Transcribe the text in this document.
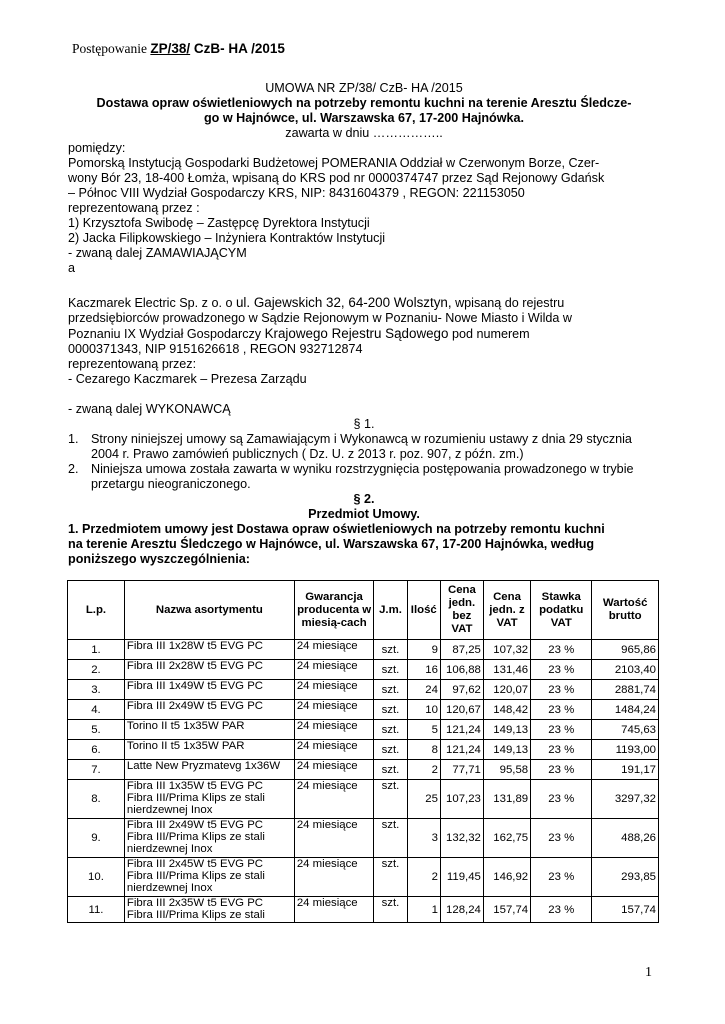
Postępowanie ZP/38/ CzB- HA /2015
UMOWA NR ZP/38/ CzB- HA /2015
Dostawa opraw oświetleniowych na potrzeby remontu kuchni na terenie Aresztu Śledcze-
go w Hajnówce, ul. Warszawska 67, 17-200 Hajnówka.
zawarta w dniu ……………..
pomiędzy:
Pomorską Instytucją Gospodarki Budżetowej POMERANIA Oddział w Czerwonym Borze, Czer-
wony Bór 23, 18-400 Łomża, wpisaną do KRS pod nr 0000374747 przez Sąd Rejonowy Gdańsk
– Północ VIII Wydział Gospodarczy KRS, NIP: 8431604379 , REGON: 221153050
reprezentowaną przez :
1) Krzysztofa Swibodę – Zastępcę Dyrektora Instytucji
2) Jacka Filipkowskiego – Inżyniera Kontraktów Instytucji
- zwaną dalej ZAMAWIAJĄCYM
a
Kaczmarek Electric Sp. z o. o ul. Gajewskich 32, 64-200 Wolsztyn, wpisaną do rejestru
przedsiębiorców prowadzonego w Sądzie Rejonowym w Poznaniu- Nowe Miasto i Wilda w
Poznaniu IX Wydział Gospodarczy Krajowego Rejestru Sądowego pod numerem
0000371343, NIP 9151626618 , REGON 932712874
reprezentowaną przez:
- Cezarego Kaczmarek – Prezesa Zarządu
- zwaną dalej WYKONAWCĄ
§ 1.
1. Strony niniejszej umowy są Zamawiającym i Wykonawcą w rozumieniu ustawy z dnia 29 stycznia
2004 r. Prawo zamówień publicznych ( Dz. U. z 2013 r. poz. 907, z późn. zm.)
2. Niniejsza umowa została zawarta w wyniku rozstrzygnięcia postępowania prowadzonego w trybie
przetargu nieograniczonego.
§ 2.
Przedmiot Umowy.
1. Przedmiotem umowy jest Dostawa opraw oświetleniowych na potrzeby remontu kuchni
na terenie Aresztu Śledczego w Hajnówce, ul. Warszawska 67, 17-200 Hajnówka, według
poniższego wyszczególnienia:
L.p.	Nazwa asortymentu	Gwarancja producenta w miesią-cach	J.m.	Ilość	Cena jedn. bez VAT	Cena jedn. z VAT	Stawka podatku VAT	Wartość brutto
1.	Fibra III 1x28W t5 EVG PC	24 miesiące	szt.	9	87,25	107,32	23 %	965,86
2.	Fibra III 2x28W t5 EVG PC	24 miesiące	szt.	16	106,88	131,46	23 %	2103,40
3.	Fibra III 1x49W t5 EVG PC	24 miesiące	szt.	24	97,62	120,07	23 %	2881,74
4.	Fibra III 2x49W t5 EVG PC	24 miesiące	szt.	10	120,67	148,42	23 %	1484,24
5.	Torino II t5 1x35W PAR	24 miesiące	szt.	5	121,24	149,13	23 %	745,63
6.	Torino II t5 1x35W PAR	24 miesiące	szt.	8	121,24	149,13	23 %	1193,00
7.	Latte New Pryzmatevg 1x36W	24 miesiące	szt.	2	77,71	95,58	23 %	191,17
8.	Fibra III 1x35W t5 EVG PC
Fibra III/Prima Klips ze stali
nierdzewnej Inox	24 miesiące	szt.	25	107,23	131,89	23 %	3297,32
9.	Fibra III 2x49W t5 EVG PC
Fibra III/Prima Klips ze stali
nierdzewnej Inox	24 miesiące	szt.	3	132,32	162,75	23 %	488,26
10.	Fibra III 2x45W t5 EVG PC
Fibra III/Prima Klips ze stali
nierdzewnej Inox	24 miesiące	szt.	2	119,45	146,92	23 %	293,85
11.	Fibra III 2x35W t5 EVG PC
Fibra III/Prima Klips ze stali	24 miesiące	szt.	1	128,24	157,74	23 %	157,74
1
